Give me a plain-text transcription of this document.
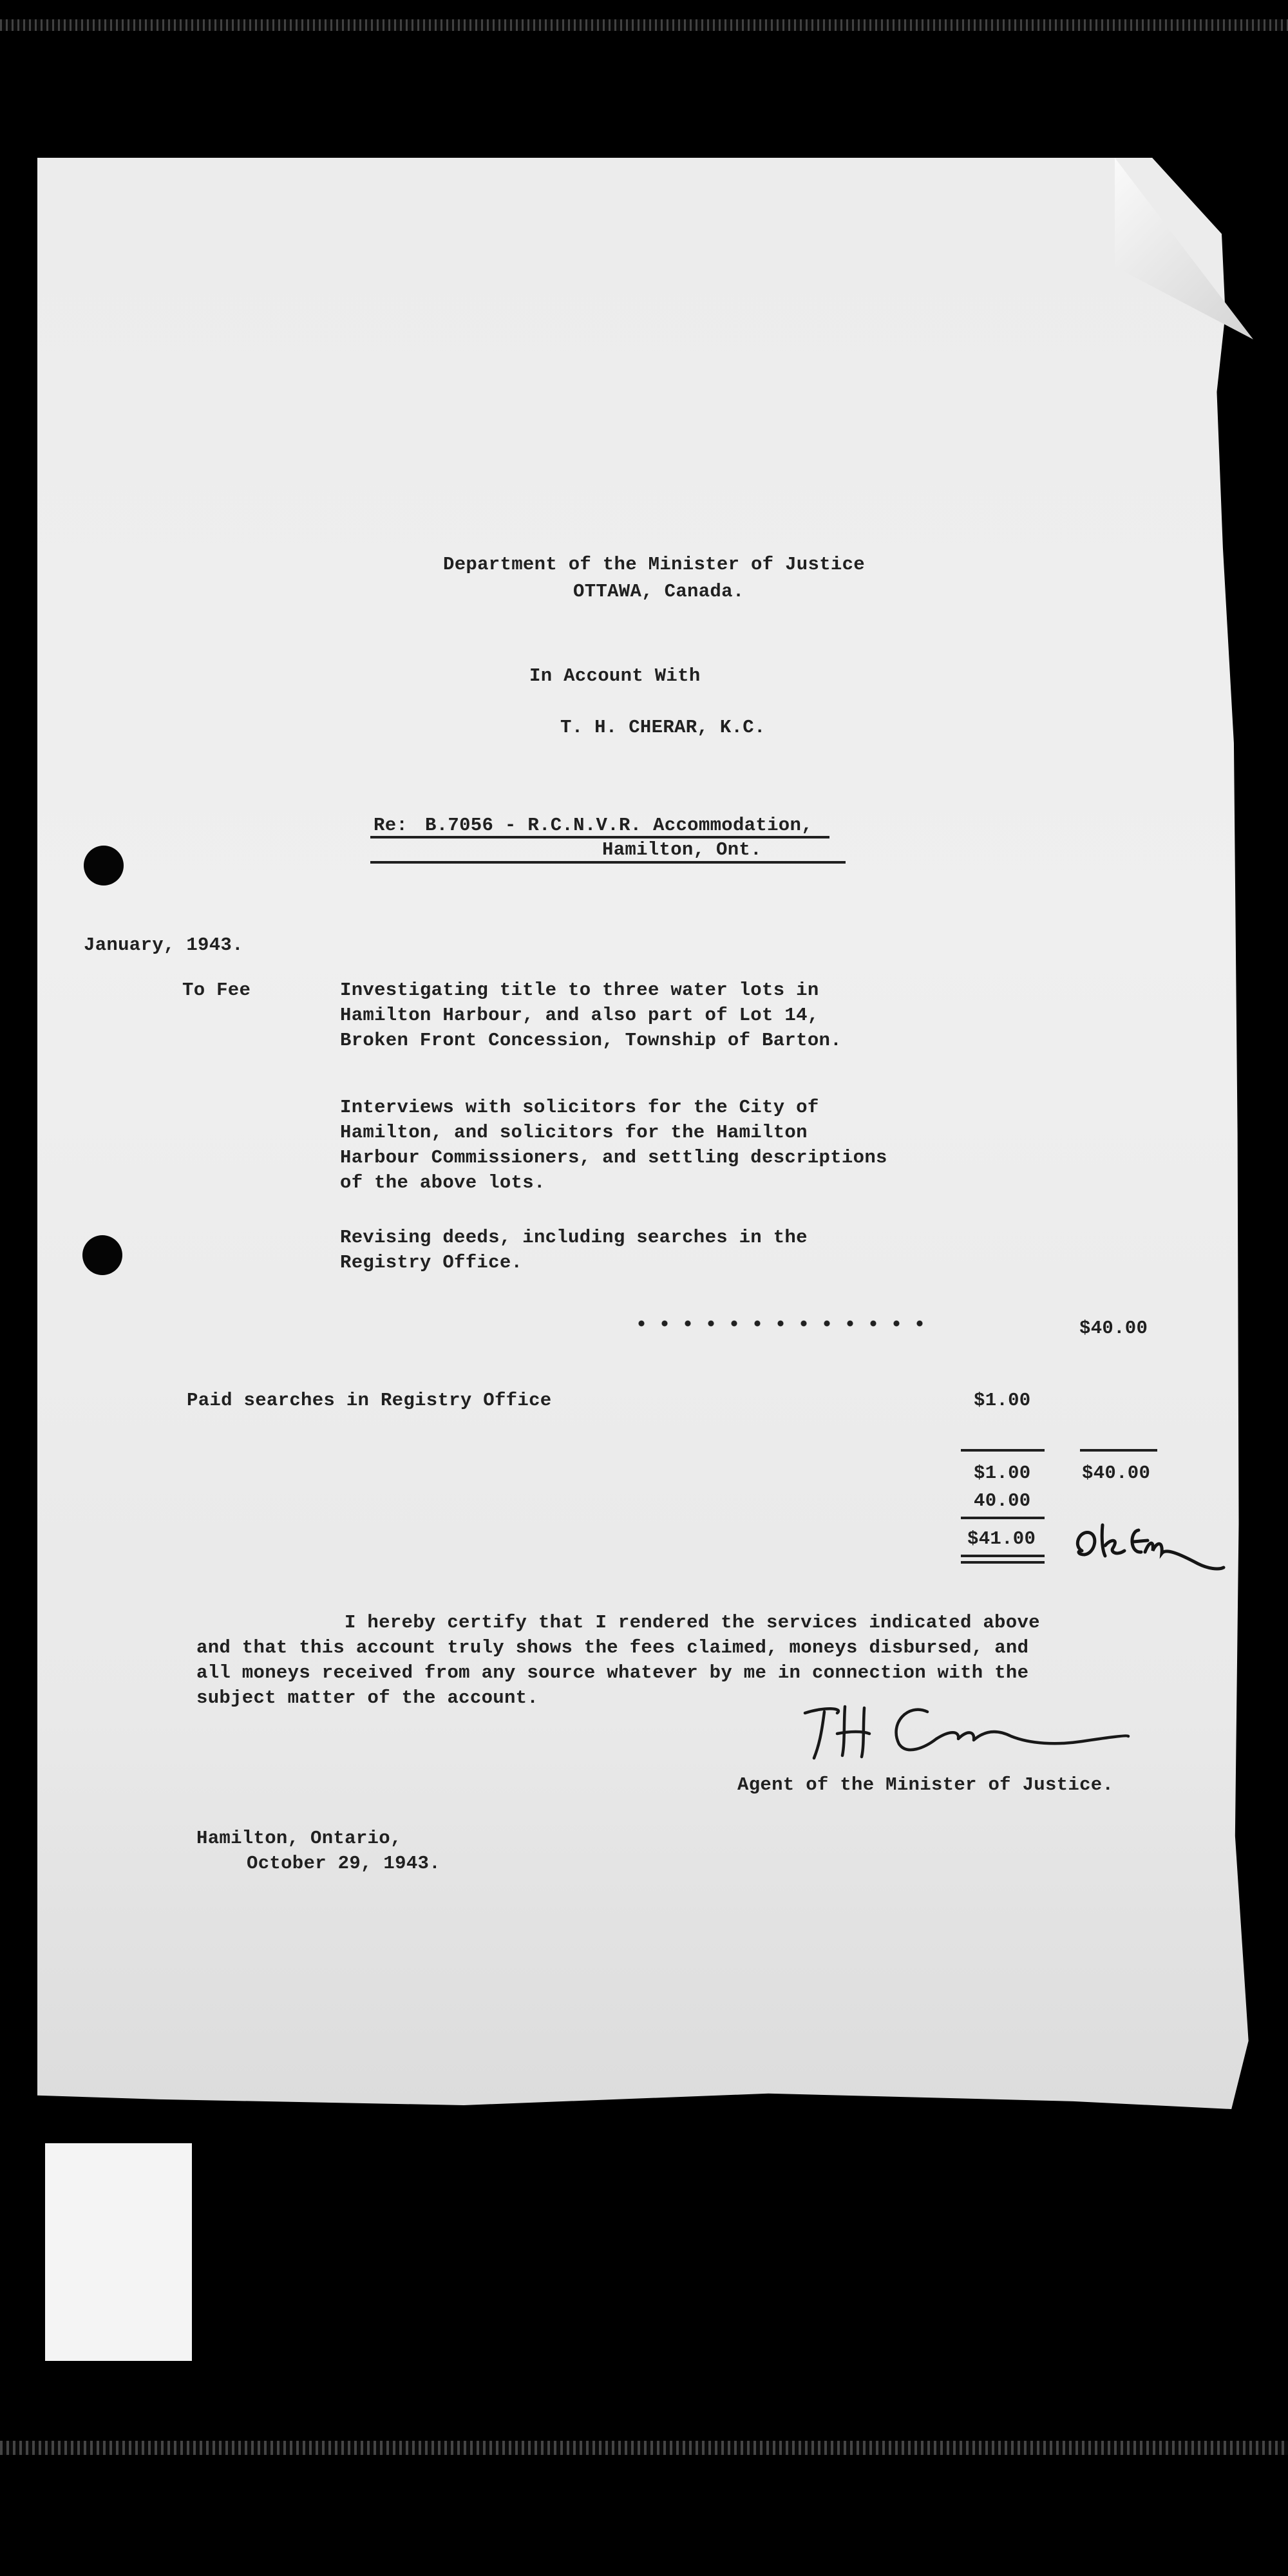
Department of the Minister of Justice
OTTAWA, Canada.
In Account With
T. H. CHERAR, K.C.
Re: B.7056 - R.C.N.V.R. Accommodation,
Hamilton, Ont.
January, 1943.
To Fee	Investigating title to three water lots in
Hamilton Harbour, and also part of Lot 14,
Broken Front Concession, Township of Barton.
Interviews with solicitors for the City of
Hamilton, and solicitors for the Hamilton
Harbour Commissioners, and settling descriptions
of the above lots.
Revising deeds, including searches in the
Registry Office.
$40.00
Paid searches in Registry Office	$1.00
$1.00	$40.00
40.00
$41.00
I hereby certify that I rendered the services indicated above
and that this account truly shows the fees claimed, moneys disbursed, and
all moneys received from any source whatever by me in connection with the
subject matter of the account.
Agent of the Minister of Justice.
Hamilton, Ontario,
October 29, 1943.
